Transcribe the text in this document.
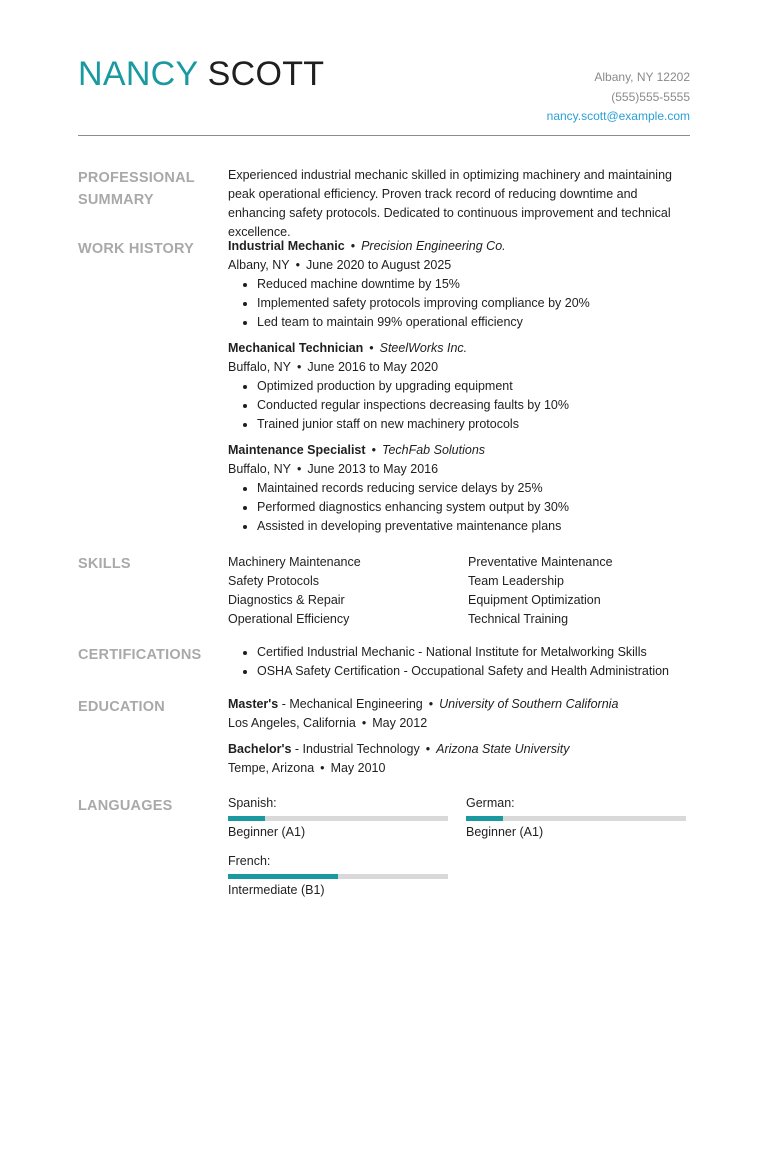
NANCY SCOTT	Albany, NY 12202
(555)555-5555
nancy.scott@example.com
PROFESSIONAL
SUMMARY

Experienced industrial mechanic skilled in optimizing machinery and maintaining peak operational efficiency. Proven track record of reducing downtime and enhancing safety protocols. Dedicated to continuous improvement and technical excellence.

WORK HISTORY	Industrial Mechanic • Precision Engineering Co.

Albany, NY • June 2020 to August 2025

• Reduced machine downtime by 15%
• Implemented safety protocols improving compliance by 20%
• Led team to maintain 99% operational efficiency

Mechanical Technician • SteelWorks Inc.

Buffalo, NY • June 2016 to May 2020

• Optimized production by upgrading equipment
• Conducted regular inspections decreasing faults by 10%
• Trained junior staff on new machinery protocols

Maintenance Specialist • TechFab Solutions

Buffalo, NY • June 2013 to May 2016

• Maintained records reducing service delays by 25%
• Performed diagnostics enhancing system output by 30%
• Assisted in developing preventative maintenance plans
SKILLS	Machinery Maintenance	Preventative Maintenance
Safety Protocols	Team Leadership
Diagnostics & Repair	Equipment Optimization
Operational Efficiency	Technical Training
CERTIFICATIONS
•	Certified Industrial Mechanic - National Institute for Metalworking Skills
• OSHA Safety Certification - Occupational Safety and Health Administration
EDUCATION	Master's - Mechanical Engineering • University of Southern California

Los Angeles, California • May 2012

Bachelor's - Industrial Technology • Arizona State University

Tempe, Arizona • May 2010

LANGUAGES	Spanish:
Beginner (A1)
German:
Beginner (A1)
French:
Intermediate (B1)
